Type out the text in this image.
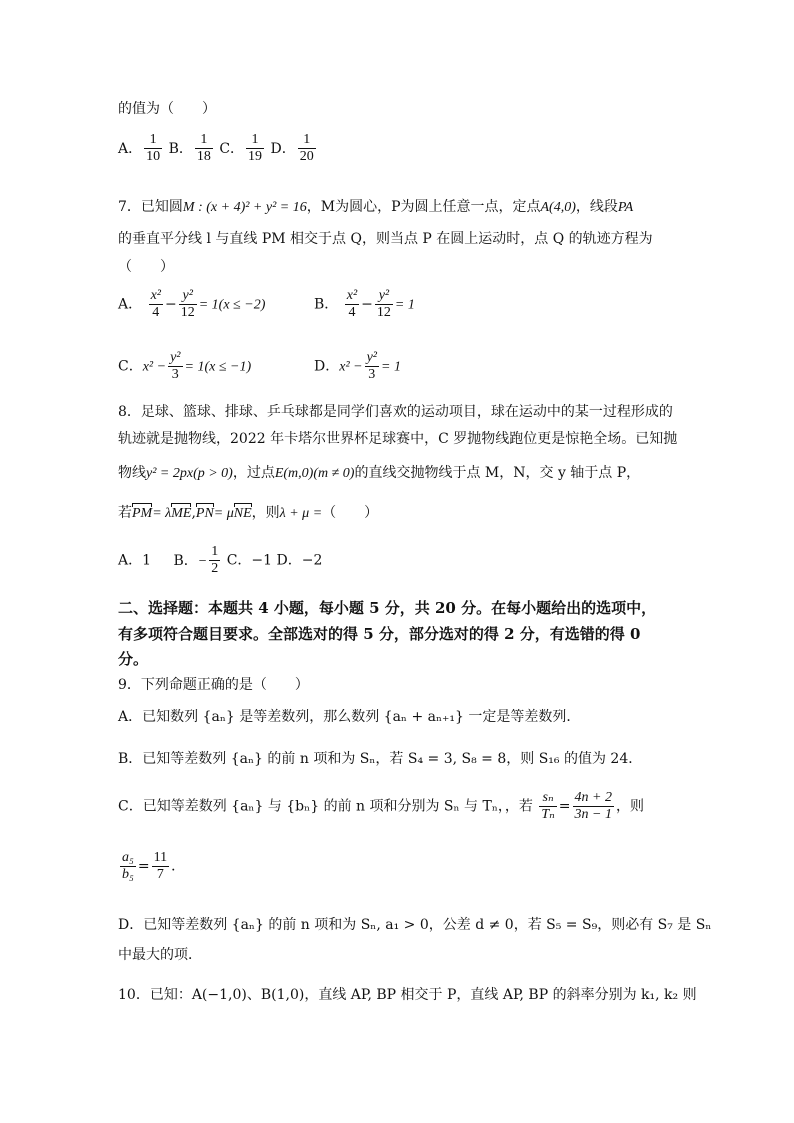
的值为（　　）
A． $\frac{1}{10}$ B． $\frac{1}{18}$ C． $\frac{1}{19}$ D． $\frac{1}{20}$
7．已知圆M : (x + 4)² + y² = 16，M为圆心，P为圆上任意一点，定点A(4,0)，线段PA
的垂直平分线 l 与直线 PM 相交于点 Q，则当点 P 在圆上运动时，点 Q 的轨迹方程为
（　　）
A． $\frac{\text{x²}}{4} - \frac{\text{y²}}{12} = 1(x \le -2)$	B． $\frac{\text{x²}}{4} - \frac{\text{y²}}{12} = 1$
C．$x^2 - \frac{\text{y²}}{3} = 1(x \le -1)$	D．$x^2 - \frac{\text{y²}}{3} = 1$
8．足球、篮球、排球、乒乓球都是同学们喜欢的运动项目，球在运动中的某一过程形成的
轨迹就是抛物线，2022 年卡塔尔世界杯足球赛中，C 罗抛物线跑位更是惊艳全场。已知抛
物线y² = 2px(p > 0)，过点E(m,0)(m ≠ 0)的直线交抛物线于点 M，N，交 y 轴于点 P，
若PM= λME,PN= μNE，则λ + μ =（　　）
A．1 B．− $\frac{1}{2}$ C．−1 D．−2
二、选择题：本题共 4 小题，每小题 5 分，共 20 分。在每小题给出的选项中，
有多项符合题目要求。全部选对的得 5 分，部分选对的得 2 分，有选错的得 0
分。
9．下列命题正确的是（　　）
A．已知数列 {aₙ} 是等差数列，那么数列 {aₙ + aₙ₊₁} 一定是等差数列．
B．已知等差数列 {aₙ} 的前 n 项和为 Sₙ，若 S₄ = 3, S₈ = 8，则 S₁₆ 的值为 24．
C．已知等差数列 {aₙ} 与 {bₙ} 的前 n 项和分别为 Sₙ 与 Tₙ，，若 $\frac{\text{sₙ}}{\text{Tₙ}} = \frac{4n + 2}{3n - 1}$ ，则
$\frac{\text{a₅}}{\text{b₅}} = \frac{11}{7}$ ．
D．已知等差数列 {aₙ} 的前 n 项和为 Sₙ, a₁ > 0，公差 d ≠ 0，若 S₅ = S₉，则必有 S₇ 是 Sₙ
中最大的项．
10．已知：A(−1,0)、B(1,0)，直线 AP, BP 相交于 P，直线 AP, BP 的斜率分别为 k₁, k₂ 则
